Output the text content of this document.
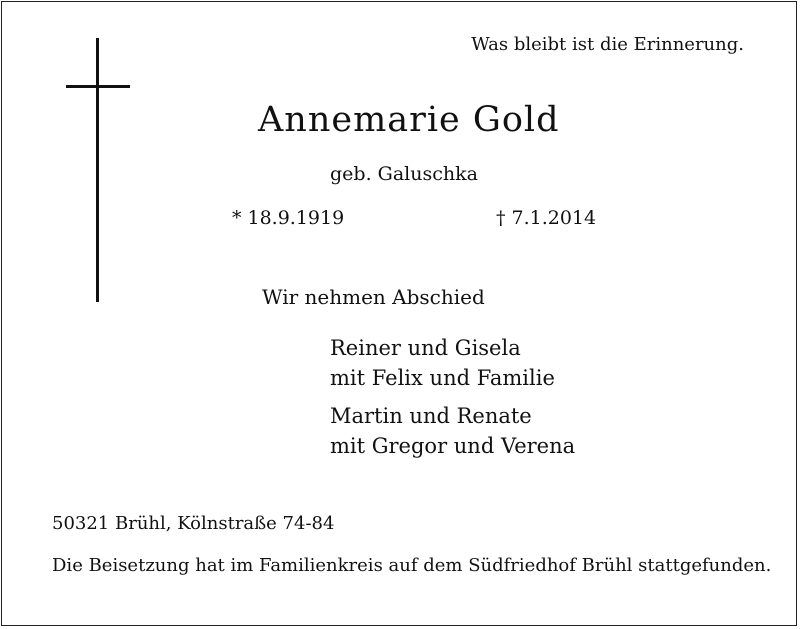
Was bleibt ist die Erinnerung.
Annemarie Gold
geb. Galuschka
* 18.9.1919	† 7.1.2014
Wir nehmen Abschied
Reiner und Gisela
mit Felix und Familie
Martin und Renate
mit Gregor und Verena
50321 Brühl, Kölnstraße 74-84
Die Beisetzung hat im Familienkreis auf dem Südfriedhof Brühl stattgefunden.
